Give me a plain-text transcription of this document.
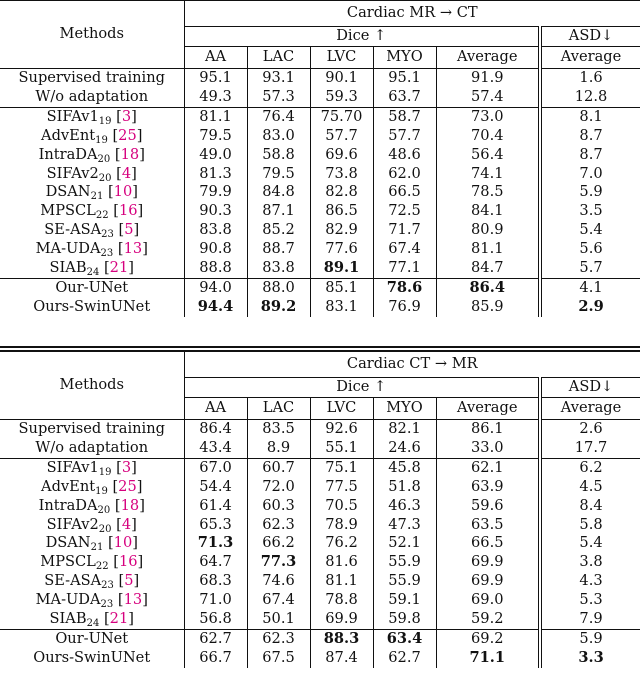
Methods	Cardiac MR → CT					
	Dice ↑					ASD↓
	AA	LAC	LVC	MYO	Average	Average
Supervised training	95.1	93.1	90.1	95.1	91.9	1.6
W/o adaptation	49.3	57.3	59.3	63.7	57.4	12.8
$SIFAv1_{19}$ [3]	81.1	76.4	75.70	58.7	73.0	8.1
AdvEnt$_{19}$ [25]	79.5	83.0	57.7	57.7	70.4	8.7
IntraDA$_{20}$ [18]	49.0	58.8	69.6	48.6	56.4	8.7
$SIFAv2_{20}$ [4]	81.3	79.5	73.8	62.0	74.1	7.0
$DSAN_{21}$ [10]	79.9	84.8	82.8	66.5	78.5	5.9
$MPSCL_{22}$ [16]	90.3	87.1	86.5	72.5	84.1	3.5
$SE-ASA_{23}$ [5]	83.8	85.2	82.9	71.7	80.9	5.4
$MA-UDA_{23}$ [13]	90.8	88.7	77.6	67.4	81.1	5.6
$SIAB_{24}$ [21]	88.8	83.8	89.1	77.1	84.7	5.7
Our-UNet	94.0	88.0	85.1	78.6	86.4	4.1
Ours-SwinUNet	94.4	89.2	83.1	76.9	85.9	2.9
Methods	Cardiac CT → MR					
	Dice ↑					ASD↓
	AA	LAC	LVC	MYO	Average	Average
Supervised training	86.4	83.5	92.6	82.1	86.1	2.6
W/o adaptation	43.4	8.9	55.1	24.6	33.0	17.7
$SIFAv1_{19}$ [3]	67.0	60.7	75.1	45.8	62.1	6.2
AdvEnt$_{19}$ [25]	54.4	72.0	77.5	51.8	63.9	4.5
IntraDA$_{20}$ [18]	61.4	60.3	70.5	46.3	59.6	8.4
$SIFAv2_{20}$ [4]	65.3	62.3	78.9	47.3	63.5	5.8
$DSAN_{21}$ [10]	71.3	66.2	76.2	52.1	66.5	5.4
$MPSCL_{22}$ [16]	64.7	77.3	81.6	55.9	69.9	3.8
$SE-ASA_{23}$ [5]	68.3	74.6	81.1	55.9	69.9	4.3
$MA-UDA_{23}$ [13]	71.0	67.4	78.8	59.1	69.0	5.3
$SIAB_{24}$ [21]	56.8	50.1	69.9	59.8	59.2	7.9
Our-UNet	62.7	62.3	88.3	63.4	69.2	5.9
Ours-SwinUNet	66.7	67.5	87.4	62.7	71.1	3.3
